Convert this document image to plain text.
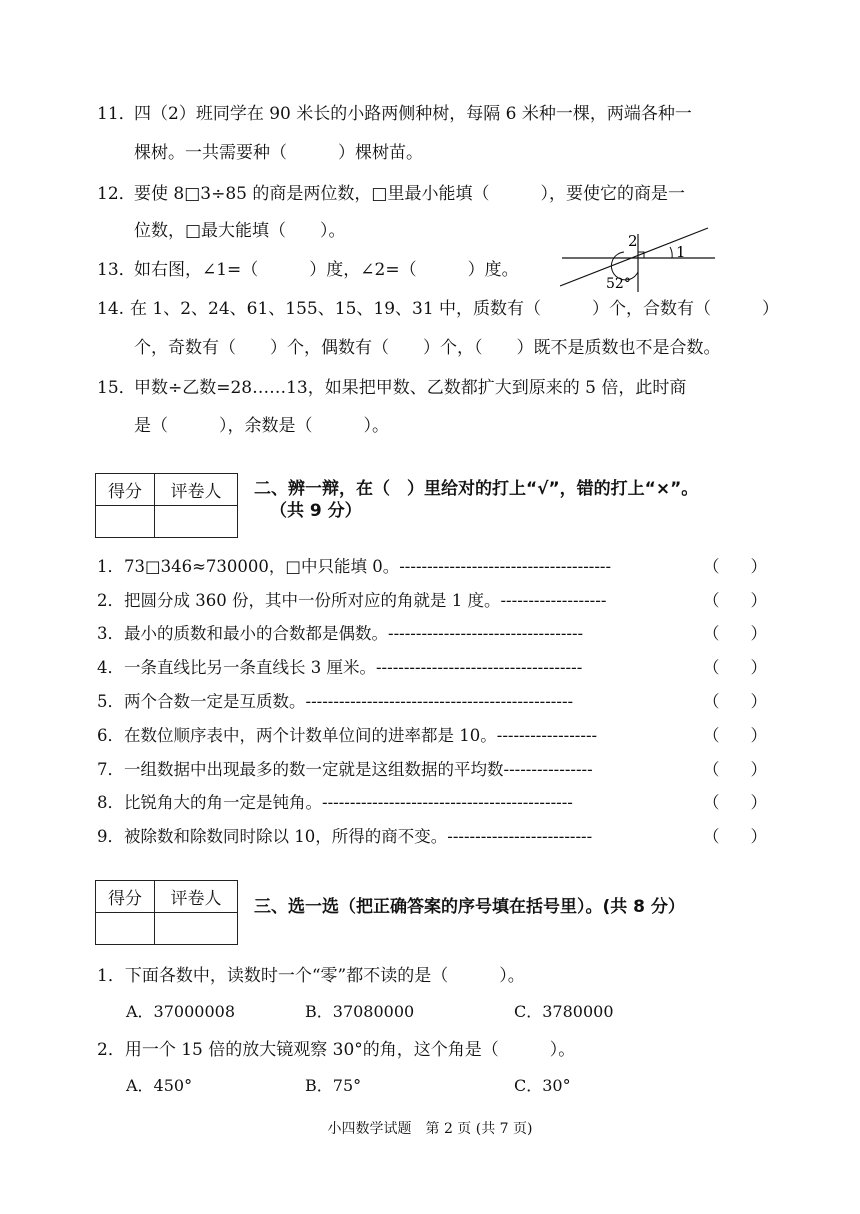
11．
四（2）班同学在 90 米长的小路两侧种树，每隔 6 米种一棵，两端各种一
棵树。一共需要种（　　　）棵树苗。
12．
要使 8□3÷85 的商是两位数，□里最小能填（　　　），要使它的商是一
位数，□最大能填（　　）。
13．
如右图，∠1=（　　　）度，∠2=（　　　）度。
1
2
52°
14. 在 1、2、24、61、155、15、19、31 中，质数有（　　　）个，合数有（　　　）
个，奇数有（　　）个，偶数有（　　）个，（　　）既不是质数也不是合数。
15．
甲数÷乙数=28……13，如果把甲数、乙数都扩大到原来的 5 倍，此时商
是（　　　），余数是（　　　）。
得分	评卷人
	二、辨一辩，在（　）里给对的打上“√”，错的打上“×”。
（共 9 分）
1．73□346≈730000，□中只能填 0。--------------------------------------	（ ）
2．把圆分成 360 份，其中一份所对应的角就是 1 度。-------------------	（ ）
3．最小的质数和最小的合数都是偶数。-----------------------------------	（ ）
4．一条直线比另一条直线长 3 厘米。-------------------------------------	（ ）
5．两个合数一定是互质数。------------------------------------------------	（ ）
6．在数位顺序表中，两个计数单位间的进率都是 10。------------------	（ ）
7．一组数据中出现最多的数一定就是这组数据的平均数----------------	（ ）
8．比锐角大的角一定是钝角。---------------------------------------------	（ ）
9．被除数和除数同时除以 10，所得的商不变。--------------------------	（ ）
得分	评卷人
	三、选一选（把正确答案的序号填在括号里）。(共 8 分）
1．下面各数中，读数时一个“零”都不读的是（　　　）。
A．37000008	B．37080000	C．3780000
2．用一个 15 倍的放大镜观察 30°的角，这个角是（　　　）。
A．450°	B．75°	C．30°
小四数学试题　第 2 页 (共 7 页)
